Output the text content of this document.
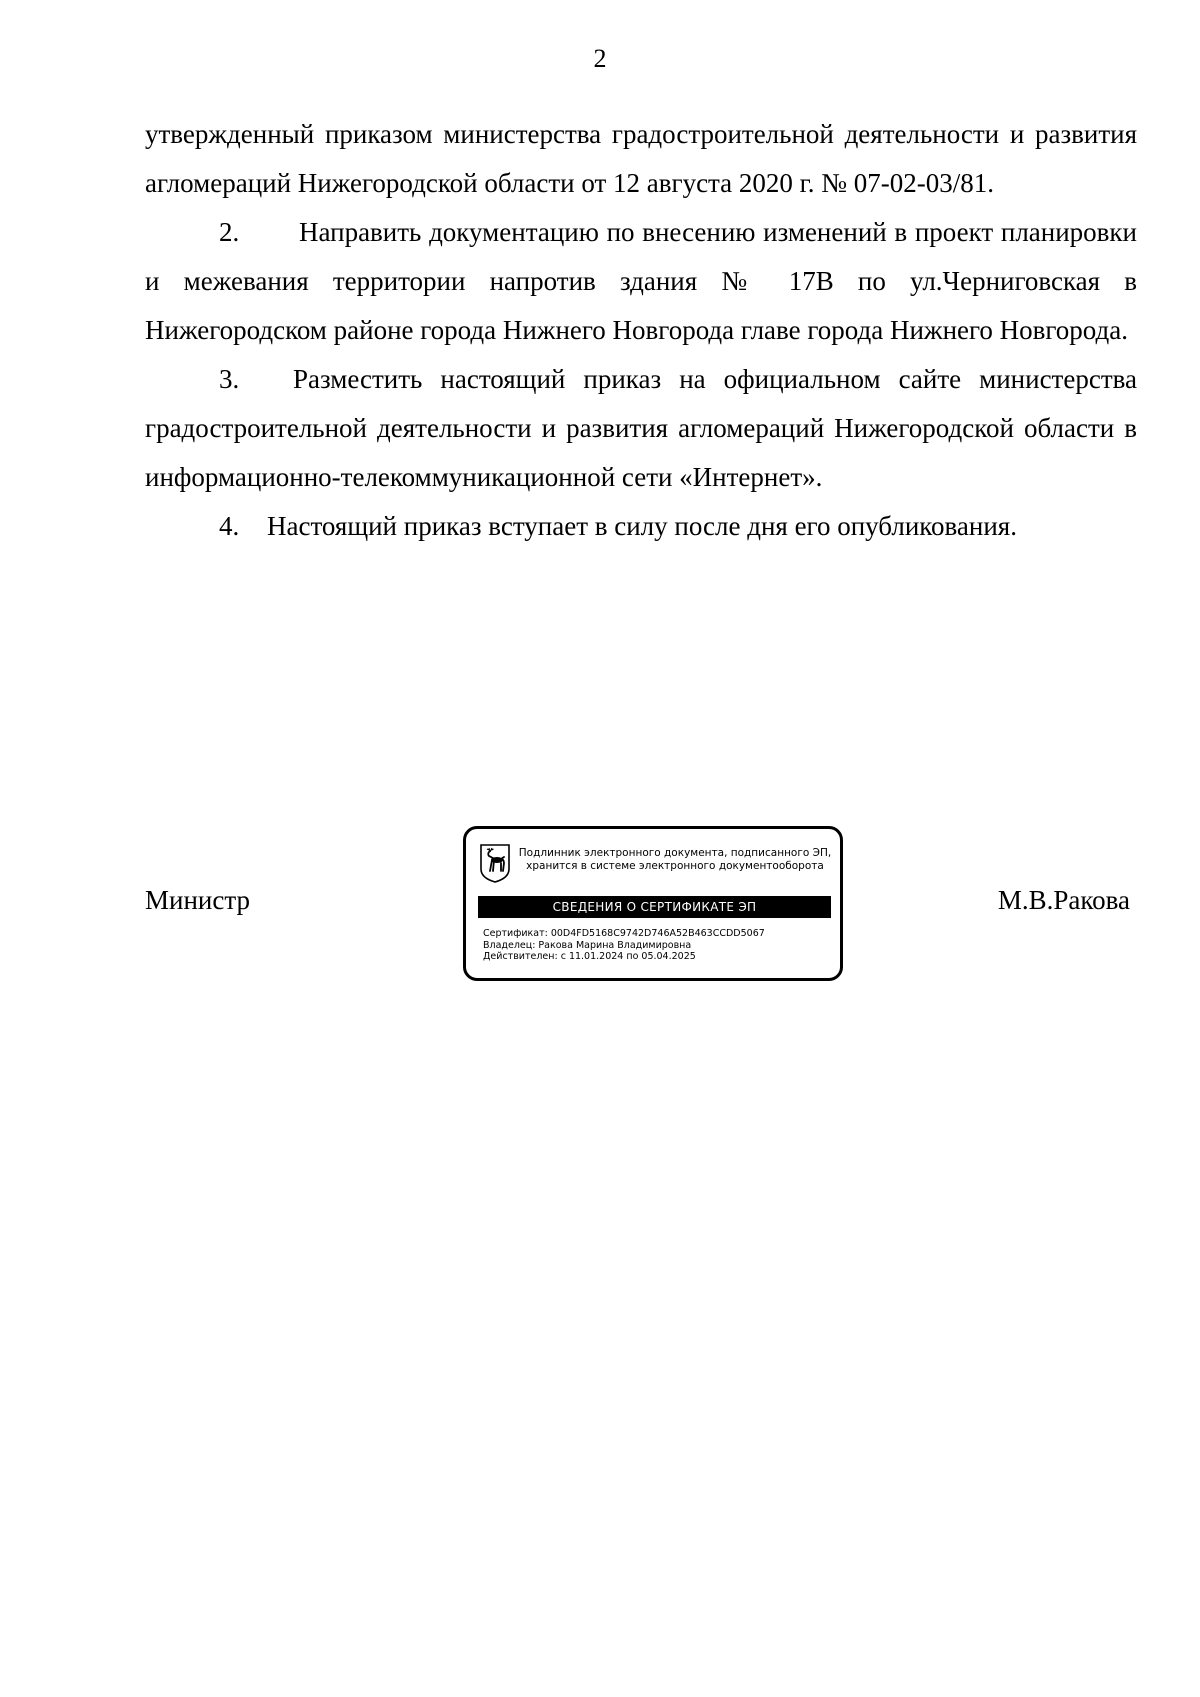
2

утвержденный приказом министерства градостроительной деятельности и развития агломераций Нижегородской области от 12 августа 2020 г. № 07-02-03/81.

2. Направить документацию по внесению изменений в проект планировки и межевания территории напротив здания № 17В по ул.Черниговская в Нижегородском районе города Нижнего Новгорода главе города Нижнего Новгорода.

3. Разместить настоящий приказ на официальном сайте министерства градостроительной деятельности и развития агломераций Нижегородской области в информационно-телекоммуникационной сети «Интернет».

4. Настоящий приказ вступает в силу после дня его опубликования.

Министр
Подлинник электронного документа, подписанного ЭП,
хранится в системе электронного документооборота
СВЕДЕНИЯ О СЕРТИФИКАТЕ ЭП
Сертификат: 00D4FD5168C9742D746A52B463CCDD5067
Владелец: Ракова Марина Владимировна
Действителен: с 11.01.2024 по 05.04.2025
М.В.Ракова
